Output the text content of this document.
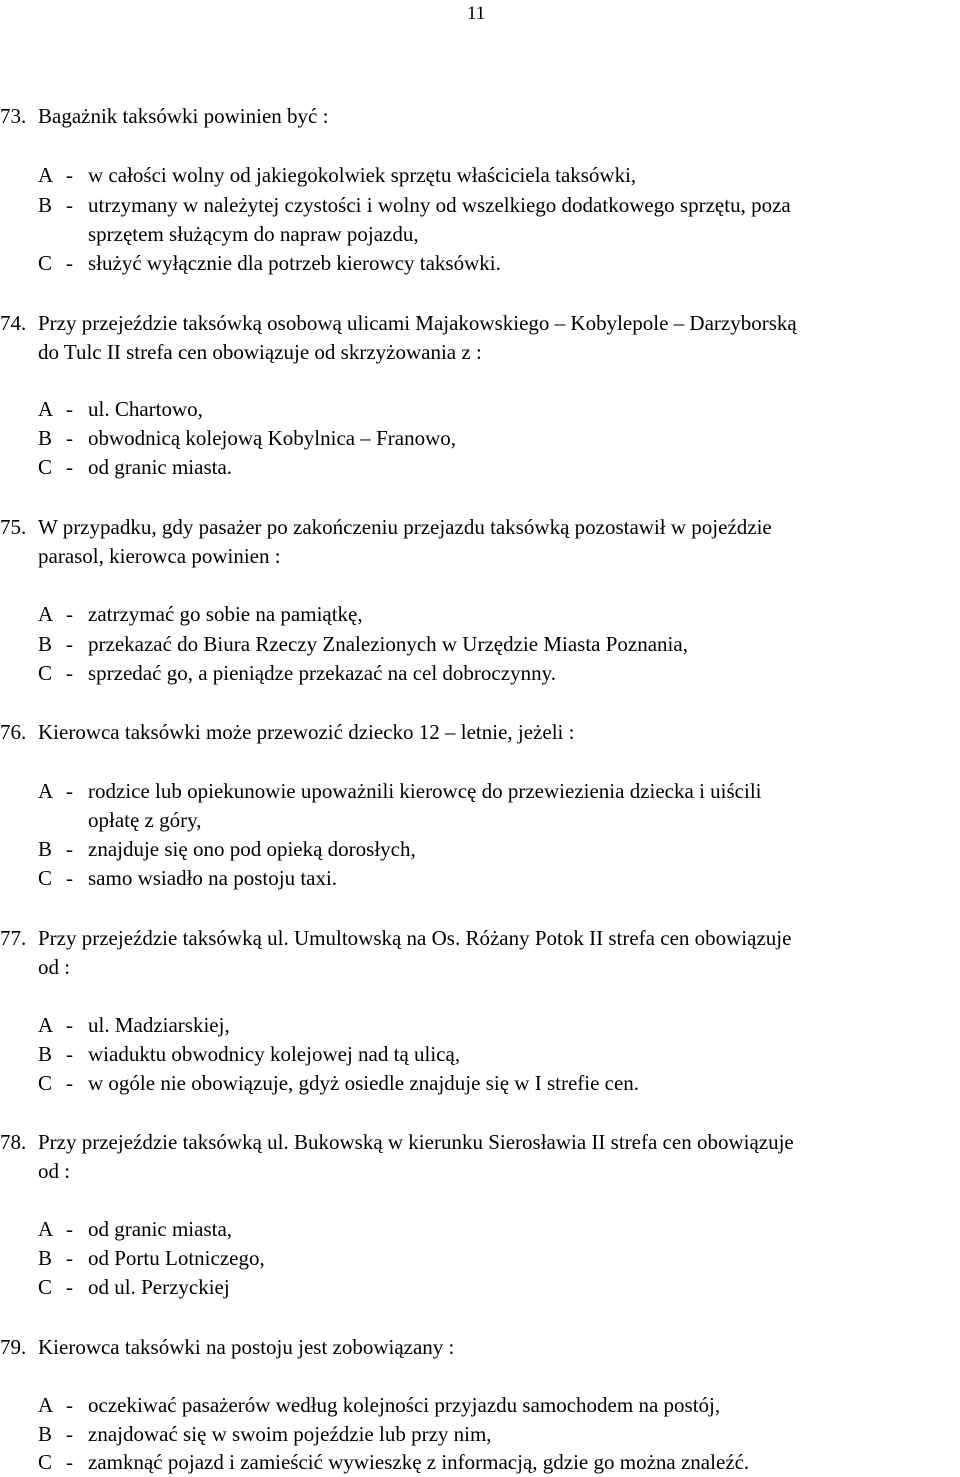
11
73. Bagażnik taksówki powinien być :
A - w całości wolny od jakiegokolwiek sprzętu właściciela taksówki,
B - utrzymany w należytej czystości i wolny od wszelkiego dodatkowego sprzętu, poza
sprzętem służącym do napraw pojazdu,
C - służyć wyłącznie dla potrzeb kierowcy taksówki.
74. Przy przejeździe taksówką osobową ulicami Majakowskiego – Kobylepole – Darzyborską
do Tulc II strefa cen obowiązuje od skrzyżowania z :
A - ul. Chartowo,
B - obwodnicą kolejową Kobylnica – Franowo,
C - od granic miasta.
75. W przypadku, gdy pasażer po zakończeniu przejazdu taksówką pozostawił w pojeździe
parasol, kierowca powinien :
A - zatrzymać go sobie na pamiątkę,
B - przekazać do Biura Rzeczy Znalezionych w Urzędzie Miasta Poznania,
C - sprzedać go, a pieniądze przekazać na cel dobroczynny.
76. Kierowca taksówki może przewozić dziecko 12 – letnie, jeżeli :
A - rodzice lub opiekunowie upoważnili kierowcę do przewiezienia dziecka i uiścili
opłatę z góry,
B - znajduje się ono pod opieką dorosłych,
C - samo wsiadło na postoju taxi.
77. Przy przejeździe taksówką ul. Umultowską na Os. Różany Potok II strefa cen obowiązuje
od :
A - ul. Madziarskiej,
B - wiaduktu obwodnicy kolejowej nad tą ulicą,
C - w ogóle nie obowiązuje, gdyż osiedle znajduje się w I strefie cen.
78. Przy przejeździe taksówką ul. Bukowską w kierunku Sierosławia II strefa cen obowiązuje
od :
A - od granic miasta,
B - od Portu Lotniczego,
C - od ul. Perzyckiej
79. Kierowca taksówki na postoju jest zobowiązany :
A - oczekiwać pasażerów według kolejności przyjazdu samochodem na postój,
B - znajdować się w swoim pojeździe lub przy nim,
C - zamknąć pojazd i zamieścić wywieszkę z informacją, gdzie go można znaleźć.
